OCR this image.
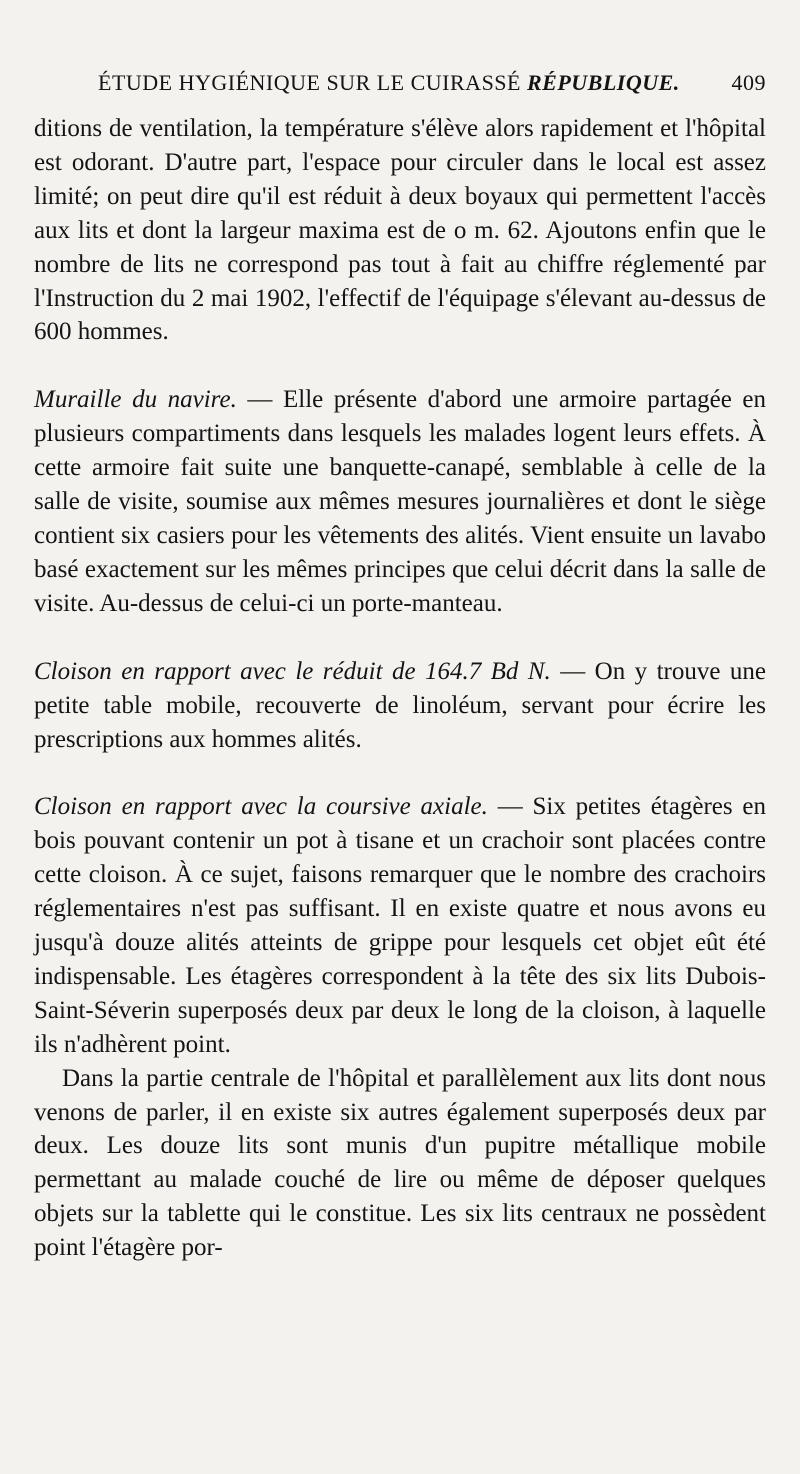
ÉTUDE HYGIÉNIQUE SUR LE CUIRASSÉ RÉPUBLIQUE. 409

ditions de ventilation, la température s'élève alors rapidement et l'hôpital est odorant. D'autre part, l'espace pour circuler dans le local est assez limité; on peut dire qu'il est réduit à deux boyaux qui permettent l'accès aux lits et dont la largeur maxima est de o m. 62. Ajoutons enfin que le nombre de lits ne correspond pas tout à fait au chiffre réglementé par l'Instruction du 2 mai 1902, l'effectif de l'équipage s'élevant au-dessus de 600 hommes.

Muraille du navire. — Elle présente d'abord une armoire partagée en plusieurs compartiments dans lesquels les malades logent leurs effets. À cette armoire fait suite une banquette-canapé, semblable à celle de la salle de visite, soumise aux mêmes mesures journalières et dont le siège contient six casiers pour les vêtements des alités. Vient ensuite un lavabo basé exactement sur les mêmes principes que celui décrit dans la salle de visite. Au-dessus de celui-ci un porte-manteau.

Cloison en rapport avec le réduit de 164.7 Bd N. — On y trouve une petite table mobile, recouverte de linoléum, servant pour écrire les prescriptions aux hommes alités.

Cloison en rapport avec la coursive axiale. — Six petites étagères en bois pouvant contenir un pot à tisane et un crachoir sont placées contre cette cloison. À ce sujet, faisons remarquer que le nombre des crachoirs réglementaires n'est pas suffisant. Il en existe quatre et nous avons eu jusqu'à douze alités atteints de grippe pour lesquels cet objet eût été indispensable. Les étagères correspondent à la tête des six lits Dubois-Saint-Séverin superposés deux par deux le long de la cloison, à laquelle ils n'adhèrent point.

Dans la partie centrale de l'hôpital et parallèlement aux lits dont nous venons de parler, il en existe six autres également superposés deux par deux. Les douze lits sont munis d'un pupitre métallique mobile permettant au malade couché de lire ou même de déposer quelques objets sur la tablette qui le constitue. Les six lits centraux ne possèdent point l'étagère por-
